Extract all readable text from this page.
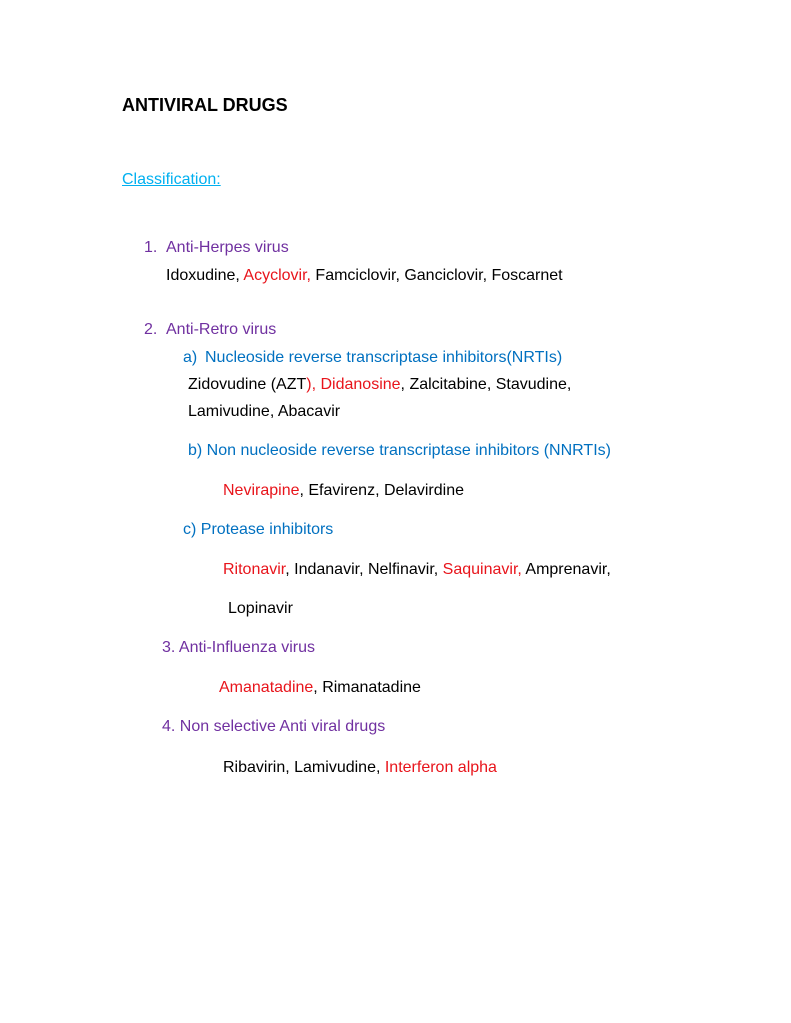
ANTIVIRAL DRUGS
Classification:
1. Anti-Herpes virus
Idoxudine, Acyclovir, Famciclovir, Ganciclovir, Foscarnet
2. Anti-Retro virus
a) Nucleoside reverse transcriptase inhibitors(NRTIs)
Zidovudine (AZT), Didanosine, Zalcitabine, Stavudine,
Lamivudine, Abacavir
b) Non nucleoside reverse transcriptase inhibitors (NNRTIs)
Nevirapine, Efavirenz, Delavirdine
c) Protease inhibitors
Ritonavir, Indanavir, Nelfinavir, Saquinavir, Amprenavir,
Lopinavir
3. Anti-Influenza virus
Amanatadine, Rimanatadine
4. Non selective Anti viral drugs
Ribavirin, Lamivudine, Interferon alpha
